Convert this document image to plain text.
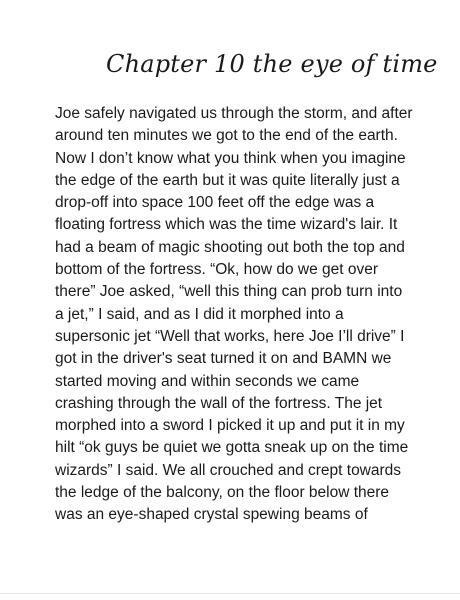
Chapter 10 the eye of time
Joe safely navigated us through the storm, and after
around ten minutes we got to the end of the earth.
Now I don’t know what you think when you imagine
the edge of the earth but it was quite literally just a
drop-off into space 100 feet off the edge was a
floating fortress which was the time wizard's lair. It
had a beam of magic shooting out both the top and
bottom of the fortress. “Ok, how do we get over
there” Joe asked, “well this thing can prob turn into
a jet,” I said, and as I did it morphed into a
supersonic jet “Well that works, here Joe I’ll drive” I
got in the driver's seat turned it on and BAMN we
started moving and within seconds we came
crashing through the wall of the fortress. The jet
morphed into a sword I picked it up and put it in my
hilt “ok guys be quiet we gotta sneak up on the time
wizards” I said. We all crouched and crept towards
the ledge of the balcony, on the floor below there
was an eye-shaped crystal spewing beams of
